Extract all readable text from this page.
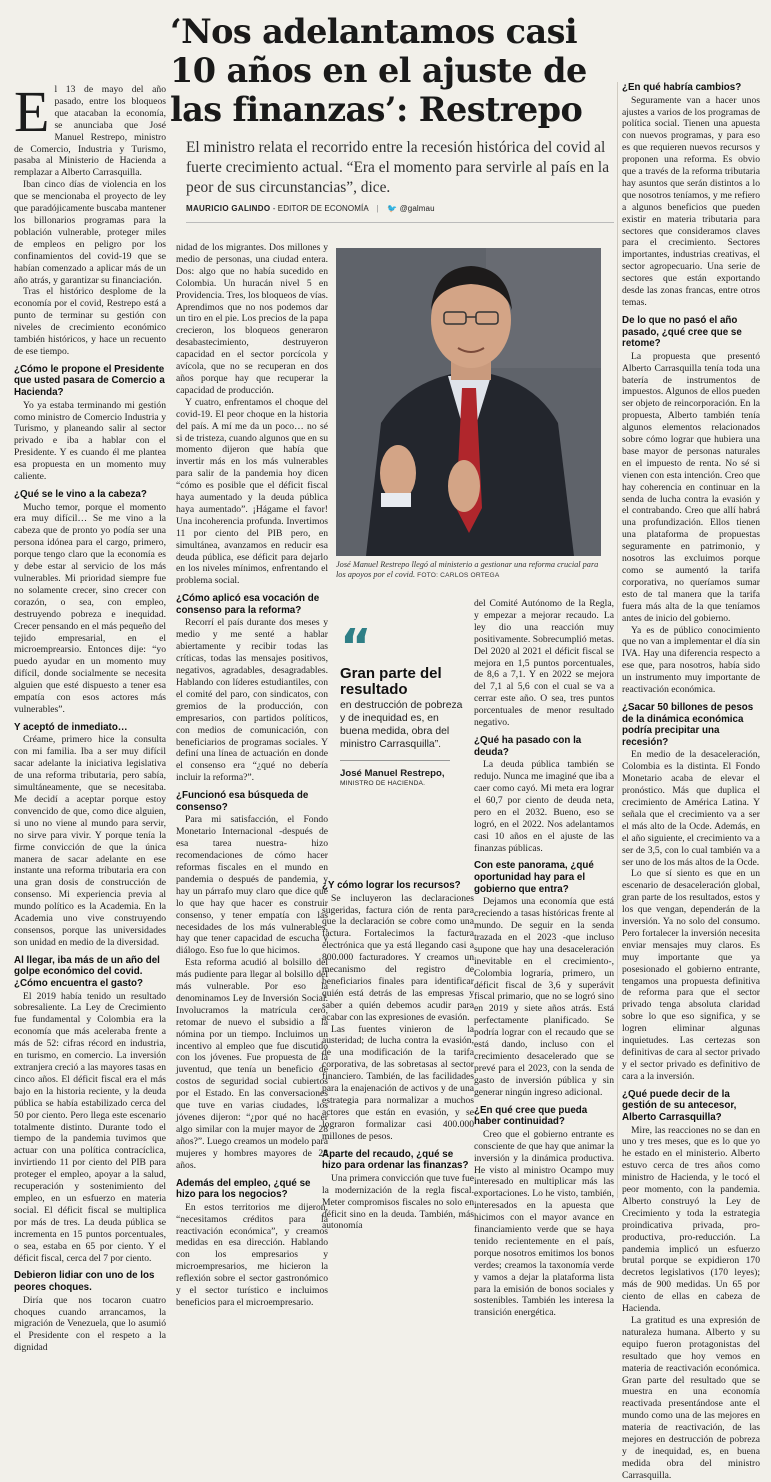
‘Nos adelantamos casi 10 años en el ajuste de las finanzas’: Restrepo

El ministro relata el recorrido entre la recesión histórica del covid al fuerte crecimiento actual. “Era el momento para servirle al país en la peor de sus circunstancias”, dice.

MAURICIO GALINDO - EDITOR DE ECONOMÍA | 🐦 @galmau

El 13 de mayo del año pasado, entre los bloqueos que atacaban la economía, se anunciaba que José Manuel Restrepo, ministro de Comercio, Industria y Turismo, pasaba al Ministerio de Hacienda a remplazar a Alberto Carrasquilla.

Iban cinco días de violencia en los que se mencionaba el proyecto de ley que paradójicamente buscaba mantener los billonarios programas para la población vulnerable, proteger miles de empleos en peligro por los confinamientos del covid-19 que se habían comenzado a aplicar más de un año atrás, y garantizar su financiación.

Tras el histórico desplome de la economía por el covid, Restrepo está a punto de terminar su gestión con niveles de crecimiento económico también históricos, y hace un recuento de ese tiempo.

¿Cómo le propone el Presidente que usted pasara de Comercio a Hacienda?

Yo ya estaba terminando mi gestión como ministro de Comercio Industria y Turismo, y planeando salir al sector privado e iba a hablar con el Presidente. Y es cuando él me plantea esa propuesta en un momento muy caliente.

¿Qué se le vino a la cabeza?

Mucho temor, porque el momento era muy difícil… Se me vino a la cabeza que de pronto yo podía ser una persona idónea para el cargo, primero, porque tengo claro que la economía es y debe estar al servicio de los más vulnerables. Mi prioridad siempre fue no solamente crecer, sino crecer con corazón, o sea, con empleo, destruyendo pobreza e inequidad. Crecer pensando en el más pequeño del tejido empresarial, en el microemprearsio. Entonces dije: “yo puedo ayudar en un momento muy difícil, donde socialmente se necesita alguien que esté dispuesto a tener esa empatía con esos actores más vulnerables”.

Y aceptó de inmediato…

Créame, primero hice la consulta con mi familia. Iba a ser muy difícil sacar adelante la iniciativa legislativa de una reforma tributaria, pero sabía, simultáneamente, que se necesitaba. Me decidí a aceptar porque estoy convencido de que, como dice alguien, si uno no viene al mundo para servir, no sirve para vivir. Y porque tenía la firme convicción de que la única manera de sacar adelante en ese instante una reforma tributaria era con una gran dosis de construcción de consenso. Mi experiencia previa al mundo político es la Academia. En la Academia uno vive construyendo consensos, porque las universidades son unidad en medio de la diversidad.

Al llegar, iba más de un año del golpe económico del covid. ¿Cómo encuentra el gasto?

El 2019 había tenido un resultado sobresaliente. La Ley de Crecimiento fue fundamental y Colombia era la economía que más aceleraba frente a más de 52: cifras récord en industria, en turismo, en comercio. La inversión extranjera creció a las mayores tasas en cinco años. El déficit fiscal era el más bajo en la historia reciente, y la deuda pública se había estabilizado cerca del 50 por ciento. Pero llega este escenario totalmente distinto. Durante todo el tiempo de la pandemia tuvimos que actuar con una política contracíclica, invirtiendo 11 por ciento del PIB para proteger el empleo, apoyar a la salud, recuperación y sostenimiento del empleo, en un esfuerzo en materia social. El déficit fiscal se multiplica por más de tres. La deuda pública se incrementa en 15 puntos porcentuales, o sea, estaba en 65 por ciento. Y el déficit fiscal, cerca del 7 por ciento.

Debieron lidiar con uno de los peores choques.

Diría que nos tocaron cuatro choques cuando arrancamos, la migración de Venezuela, que lo asumió el Presidente con el respeto a la dignidad

nidad de los migrantes. Dos millones y medio de personas, una ciudad entera. Dos: algo que no había sucedido en Colombia. Un huracán nivel 5 en Providencia. Tres, los bloqueos de vías. Aprendimos que no nos podemos dar un tiro en el pie. Los precios de la papa crecieron, los bloqueos generaron desabastecimiento, destruyeron capacidad en el sector porcícola y avícola, que no se recuperan en dos años porque hay que recuperar la capacidad de producción.

Y cuatro, enfrentamos el choque del covid-19. El peor choque en la historia del país. A mí me da un poco… no sé si de tristeza, cuando algunos que en su momento dijeron que había que invertir más en los más vulnerables para salir de la pandemia hoy dicen “cómo es posible que el déficit fiscal haya aumentado y la deuda pública haya aumentado”. ¡Hágame el favor! Una incoherencia profunda. Invertimos 11 por ciento del PIB pero, en simultánea, avanzamos en reducir esa deuda pública, ese déficit para dejarlo en los niveles mínimos, enfrentando el problema social.

¿Cómo aplicó esa vocación de consenso para la reforma?

Recorrí el país durante dos meses y medio y me senté a hablar abiertamente y recibir todas las críticas, todas las mensajes positivos, negativos, agradables, desagradables. Hablando con líderes estudiantiles, con el comité del paro, con sindicatos, con gremios de la producción, con empresarios, con partidos políticos, con medios de comunicación, con beneficiarios de programas sociales. Y definí una línea de actuación en donde el consenso era “¿qué no debería incluir la reforma?”.

¿Funcionó esa búsqueda de consenso?

Para mi satisfacción, el Fondo Monetario Internacional -después de esa tarea nuestra- hizo recomendaciones de cómo hacer reformas fiscales en el mundo en pandemia o después de pandemia, y hay un párrafo muy claro que dice que lo que hay que hacer es construir consenso, y tener empatía con las necesidades de los más vulnerables, hay que tener capacidad de escucha y diálogo. Eso fue lo que hicimos.

Esta reforma acudió al bolsillo del más pudiente para llegar al bolsillo del más vulnerable. Por eso la denominamos Ley de Inversión Social. Involucramos la matrícula cero, retomar de nuevo el subsidio a la nómina por un tiempo. Incluimos un incentivo al empleo que fue discutido con los jóvenes. Fue propuesta de la juventud, que tenía un beneficio de costos de seguridad social cubiertos por el Estado. En las conversaciones que tuve en varias ciudades, los jóvenes dijeron: “¿por qué no hacer algo similar con la mujer mayor de 28 años?”. Luego creamos un modelo para mujeres y hombres mayores de 28 años.

Además del empleo, ¿qué se hizo para los negocios?

En estos territorios me dijeron, “necesitamos créditos para la reactivación económica”, y creamos medidas en esa dirección. Hablando con los empresarios y microempresarios, me hicieron la reflexión sobre el sector gastronómico y el sector turístico e incluimos beneficios para el microempresario.

José Manuel Restrepo llegó al ministerio a gestionar una reforma crucial para los apoyos por el covid. FOTO: CARLOS ORTEGA

“
Gran parte del resultado
en destrucción de pobreza y de inequidad es, en buena medida, obra del ministro Carrasquilla”.
José Manuel Restrepo,
MINISTRO DE HACIENDA.
¿Y cómo lograr los recursos?

Se incluyeron las declaraciones sugeridas, factura ción de renta para que la declaración se cobre como una factura. Fortalecimos la factura electrónica que ya está llegando casi a 800.000 facturadores. Y creamos un mecanismo del registro de beneficiarios finales para identificar quién está detrás de las empresas y saber a quién debemos acudir para acabar con las expresiones de evasión.

Las fuentes vinieron de la austeridad; de lucha contra la evasión, de una modificación de la tarifa corporativa, de las sobretasas al sector financiero. También, de las facilidades para la enajenación de activos y de una estrategia para normalizar a muchos actores que están en evasión, y se lograron formalizar casi 400.000 millones de pesos.

Aparte del recaudo, ¿qué se hizo para ordenar las finanzas?

Una primera convicción que tuve fue la modernización de la regla fiscal. Meter compromisos fiscales no solo en déficit sino en la deuda. También, más autonomía

del Comité Autónomo de la Regla, y empezar a mejorar recaudo. La ley dio una reacción muy positivamente. Sobrecumplió metas. Del 2020 al 2021 el déficit fiscal se mejora en 1,5 puntos porcentuales, de 8,6 a 7,1. Y en 2022 se mejora del 7,1 al 5,6 con el cual se va a cerrar este año. O sea, tres puntos porcentuales de menor resultado negativo.

¿Qué ha pasado con la deuda?

La deuda pública también se redujo. Nunca me imaginé que iba a caer como cayó. Mi meta era lograr el 60,7 por ciento de deuda neta, pero en el 2032. Bueno, eso se logró, en el 2022. Nos adelantamos casi 10 años en el ajuste de las finanzas públicas.

Con este panorama, ¿qué oportunidad hay para el gobierno que entra?

Dejamos una economía que está creciendo a tasas históricas frente al mundo. De seguir en la senda trazada en el 2023 -que incluso supone que hay una desaceleración inevitable en el crecimiento-, Colombia lograría, primero, un déficit fiscal de 3,6 y superávit fiscal primario, que no se logró sino en 2019 y siete años atrás. Está perfectamente planificado. Se podría lograr con el recaudo que se está dando, incluso con el crecimiento desacelerado que se prevé para el 2023, con la senda de gasto de inversión pública y sin generar ningún ingreso adicional.

¿En qué cree que pueda haber continuidad?

Creo que el gobierno entrante es consciente de que hay que animar la inversión y la dinámica productiva. He visto al ministro Ocampo muy interesado en multiplicar más las exportaciones. Lo he visto, también, interesados en la apuesta que hicimos con el mayor avance en financiamiento verde que se haya tenido recientemente en el país, porque nosotros emitimos los bonos verdes; creamos la taxonomía verde y vamos a dejar la plataforma lista para la emisión de bonos sociales y sostenibles. También les interesa la transición energética.

¿En qué habría cambios?

Seguramente van a hacer unos ajustes a varios de los programas de política social. Tienen una apuesta con nuevos programas, y para eso es que requieren nuevos recursos y proponen una reforma. Es obvio que a través de la reforma tributaria hay asuntos que serán distintos a lo que nosotros teníamos, y me refiero a algunos beneficios que pueden existir en materia tributaria para sectores que consideramos claves para el crecimiento. Sectores importantes, industrias creativas, el sector agropecuario. Una serie de sectores que están exportando desde las zonas francas, entre otros temas.

De lo que no pasó el año pasado, ¿qué cree que se retome?

La propuesta que presentó Alberto Carrasquilla tenía toda una batería de instrumentos de impuestos. Algunos de ellos pueden ser objeto de reincorporación. En la propuesta, Alberto también tenía algunos elementos relacionados sobre cómo lograr que hubiera una base mayor de personas naturales en el impuesto de renta. No sé si vienen con esta intención. Creo que hay coherencia en continuar en la senda de lucha contra la evasión y el contrabando. Creo que allí habrá una profundización. Ellos tienen una plataforma de propuestas seguramente en patrimonio, y nosotros las excluimos porque como se aumentó la tarifa corporativa, no queríamos sumar esto de tal manera que la tarifa fuera más alta de la que teníamos antes de inicio del gobierno.

Ya es de público conocimiento que no van a implementar el día sin IVA. Hay una diferencia respecto a ese que, para nosotros, había sido un instrumento muy importante de reactivación económica.

¿Sacar 50 billones de pesos de la dinámica económica podría precipitar una recesión?

En medio de la desaceleración, Colombia es la distinta. El Fondo Monetario acaba de elevar el pronóstico. Más que duplica el crecimiento de América Latina. Y señala que el crecimiento va a ser el más alto de la Ocde. Además, en el año siguiente, el crecimiento va a ser de 3,5, con lo cual también va a ser uno de los más altos de la Ocde.

Lo que sí siento es que en un escenario de desaceleración global, gran parte de los resultados, estos y los que vengan, dependerán de la inversión. Ya no solo del consumo. Pero fortalecer la inversión necesita enviar mensajes muy claros. Es muy importante que ya posesionado el gobierno entrante, tengamos una propuesta definitiva de reforma para que el sector privado tenga absoluta claridad sobre lo que eso significa, y se logren eliminar algunas inquietudes. Las certezas son definitivas de cara al sector privado y el sector privado es definitivo de cara a la inversión.

¿Qué puede decir de la gestión de su antecesor, Alberto Carrasquilla?

Mire, las reacciones no se dan en uno y tres meses, que es lo que yo he estado en el ministerio. Alberto estuvo cerca de tres años como ministro de Hacienda, y le tocó el peor momento, con la pandemia. Alberto construyó la Ley de Crecimiento y toda la estrategia proindicativa privada, pro-productiva, pro-reducción. La pandemia implicó un esfuerzo brutal porque se expidieron 170 decretos legislativos (170 leyes); más de 900 medidas. Un 65 por ciento de ellas en cabeza de Hacienda.

La gratitud es una expresión de naturaleza humana. Alberto y su equipo fueron protagonistas del resultado que hoy vemos en materia de reactivación económica. Gran parte del resultado que se muestra en una economía reactivada presentándose ante el mundo como una de las mejores en materia de reactivación, de las mejores en destrucción de pobreza y de inequidad, es, en buena medida obra del ministro Carrasquilla.
